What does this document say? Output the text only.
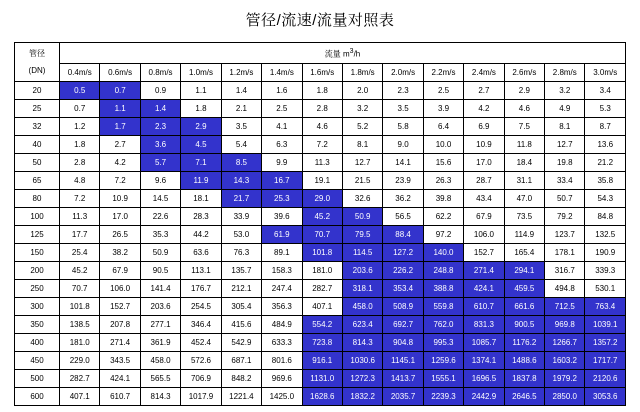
管径/流速/流量对照表
管径
(DN)	流量 m3/h													
	0.4m/s	0.6m/s	0.8m/s	1.0m/s	1.2m/s	1.4m/s	1.6m/s	1.8m/s	2.0m/s	2.2m/s	2.4m/s	2.6m/s	2.8m/s	3.0m/s
20	0.5	0.7	0.9	1.1	1.4	1.6	1.8	2.0	2.3	2.5	2.7	2.9	3.2	3.4
25	0.7	1.1	1.4	1.8	2.1	2.5	2.8	3.2	3.5	3.9	4.2	4.6	4.9	5.3
32	1.2	1.7	2.3	2.9	3.5	4.1	4.6	5.2	5.8	6.4	6.9	7.5	8.1	8.7
40	1.8	2.7	3.6	4.5	5.4	6.3	7.2	8.1	9.0	10.0	10.9	11.8	12.7	13.6
50	2.8	4.2	5.7	7.1	8.5	9.9	11.3	12.7	14.1	15.6	17.0	18.4	19.8	21.2
65	4.8	7.2	9.6	11.9	14.3	16.7	19.1	21.5	23.9	26.3	28.7	31.1	33.4	35.8
80	7.2	10.9	14.5	18.1	21.7	25.3	29.0	32.6	36.2	39.8	43.4	47.0	50.7	54.3
100	11.3	17.0	22.6	28.3	33.9	39.6	45.2	50.9	56.5	62.2	67.9	73.5	79.2	84.8
125	17.7	26.5	35.3	44.2	53.0	61.9	70.7	79.5	88.4	97.2	106.0	114.9	123.7	132.5
150	25.4	38.2	50.9	63.6	76.3	89.1	101.8	114.5	127.2	140.0	152.7	165.4	178.1	190.9
200	45.2	67.9	90.5	113.1	135.7	158.3	181.0	203.6	226.2	248.8	271.4	294.1	316.7	339.3
250	70.7	106.0	141.4	176.7	212.1	247.4	282.7	318.1	353.4	388.8	424.1	459.5	494.8	530.1
300	101.8	152.7	203.6	254.5	305.4	356.3	407.1	458.0	508.9	559.8	610.7	661.6	712.5	763.4
350	138.5	207.8	277.1	346.4	415.6	484.9	554.2	623.4	692.7	762.0	831.3	900.5	969.8	1039.1
400	181.0	271.4	361.9	452.4	542.9	633.3	723.8	814.3	904.8	995.3	1085.7	1176.2	1266.7	1357.2
450	229.0	343.5	458.0	572.6	687.1	801.6	916.1	1030.6	1145.1	1259.6	1374.1	1488.6	1603.2	1717.7
500	282.7	424.1	565.5	706.9	848.2	969.6	1131.0	1272.3	1413.7	1555.1	1696.5	1837.8	1979.2	2120.6
600	407.1	610.7	814.3	1017.9	1221.4	1425.0	1628.6	1832.2	2035.7	2239.3	2442.9	2646.5	2850.0	3053.6
